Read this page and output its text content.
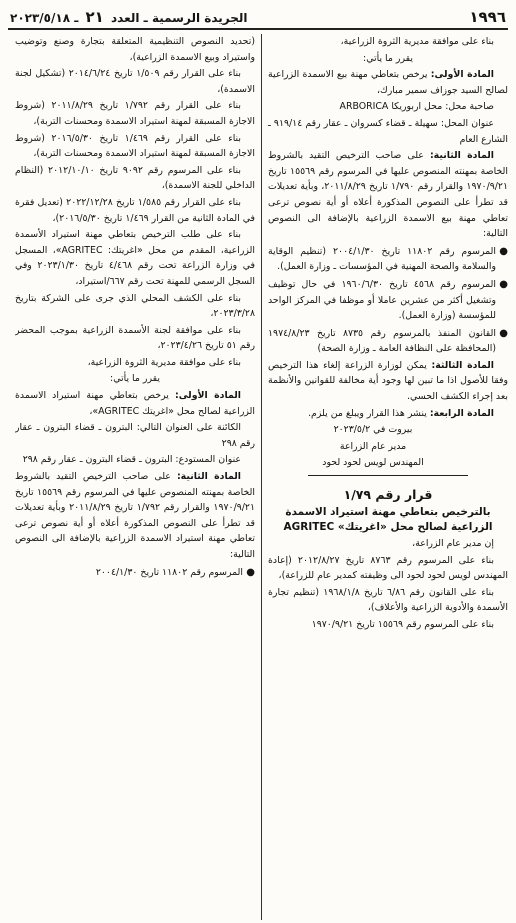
١٩٩٦
الجريدة الرسمية ـ العدد ٢١ ـ ٢٠٢٣/٥/١٨

بناء على موافقة مديرية الثروة الزراعية،

يقرر ما يأتي:

المادة الأولى: يرخص بتعاطي مهنة بيع الاسمدة الزراعية لصالح السيد جوزاف سمير مبارك،

صاحبة محل: محل اربوريكا ARBORICA

عنوان المحل: سهيلة ـ قضاء كسروان ـ عقار رقم ٩١٩/١٤ ـ الشارع العام

المادة الثانية: على صاحب الترخيص التقيد بالشروط الخاصة بمهنته المنصوص عليها في المرسوم رقم ١٥٥٦٩ تاريخ ١٩٧٠/٩/٢١ والقرار رقم ١/٧٩٠ تاريخ ٢٠١١/٨/٢٩، وبأية تعديلات قد تطرأ على النصوص المذكورة أعلاه أو أية نصوص ترعى تعاطي مهنة بيع الاسمدة الزراعية بالإضافة الى النصوص التالية:

●المرسوم رقم ١١٨٠٢ تاريخ ٢٠٠٤/١/٣٠ (تنظيم الوقاية والسلامة والصحة المهنية في المؤسسات ـ وزارة العمل).

●المرسوم رقم ٤٥٦٨ تاريخ ١٩٦٠/٦/٣٠ في حال توظيف وتشغيل أكثر من عشرين عاملا أو موظفا في المركز الواحد للمؤسسة (وزارة العمل).

●القانون المنفذ بالمرسوم رقم ٨٧٣٥ تاريخ ١٩٧٤/٨/٢٣ (المحافظة على النظافة العامة ـ وزارة الصحة)

المادة الثالثة: يمكن لوزارة الزراعة إلغاء هذا الترخيص وفقا للأصول اذا ما تبين لها وجود أية مخالفة للقوانين والأنظمة بعد إجراء الكشف الحسي.

المادة الرابعة: ينشر هذا القرار ويبلغ من يلزم.

بيروت في ٢٠٢٣/٥/٢

مدير عام الزراعة

المهندس لويس لحود لحود

قرار رقم ١/٧٩

بالترخيص بتعاطي مهنة استيراد الاسمدة الزراعية لصالح محل «اغريتك» AGRITEC

إن مدير عام الزراعة،

بناء على المرسوم رقم ٨٧٦٣ تاريخ ٢٠١٢/٨/٢٧ (إعادة المهندس لويس لحود لحود الى وظيفته كمدير عام للزراعة)،

بناء على القانون رقم ٦/٨٦ تاريخ ١٩٦٨/١/٨ (تنظيم تجارة الأسمدة والأدوية الزراعية والأعلاف)،

بناء على المرسوم رقم ١٥٥٦٩ تاريخ ١٩٧٠/٩/٢١

(تحديد النصوص التنظيمية المتعلقة بتجارة وصنع وتوضيب واستيراد وبيع الاسمدة الزراعية)،

بناء على القرار رقم ١/٥٠٩ تاريخ ٢٠١٤/٦/٢٤ (تشكيل لجنة الاسمدة)،

بناء على القرار رقم ١/٧٩٢ تاريخ ٢٠١١/٨/٢٩ (شروط الاجازة المسبقة لمهنة استيراد الاسمدة ومحسنات التربة)،

بناء على القرار رقم ١/٤٦٩ تاريخ ٢٠١٦/٥/٣٠ (شروط الاجازة المسبقة لمهنة استيراد الاسمدة ومحسنات التربة)،

بناء على المرسوم رقم ٩٠٩٢ تاريخ ٢٠١٢/١٠/١٠ (النظام الداخلي للجنة الاسمدة)،

بناء على القرار رقم ١/٥٨٥ تاريخ ٢٠٢٢/١٢/٢٨ (تعديل فقرة في المادة الثانية من القرار ١/٤٦٩ تاريخ ٢٠١٦/٥/٣٠)،

بناء على طلب الترخيص بتعاطي مهنة استيراد الأسمدة الزراعية، المقدم من محل «اغريتك: AGRITEC»، المسجل في وزارة الزراعة تحت رقم ٤/٤٦٨ تاريخ ٢٠٢٣/١/٣٠ وفي السجل الرسمي للمهنة تحت رقم ٦٦٧/استيراد،

بناء على الكشف المحلي الذي جرى على الشركة بتاريخ ٢٠٢٣/٣/٢٨،

بناء على موافقة لجنة الأسمدة الزراعية بموجب المحضر رقم ٥١ تاريخ ٢٠٢٣/٤/٢٦،

بناء على موافقة مديرية الثروة الزراعية،

يقرر ما يأتي:

المادة الأولى: يرخص بتعاطي مهنة استيراد الاسمدة الزراعية لصالح محل «اغريتك AGRITEC»،

الكائنة على العنوان التالي: البترون ـ قضاء البترون ـ عقار رقم ٢٩٨

عنوان المستودع: البترون ـ قضاء البترون ـ عقار رقم ٢٩٨

المادة الثانية: على صاحب الترخيص التقيد بالشروط الخاصة بمهنته المنصوص عليها في المرسوم رقم ١٥٥٦٩ تاريخ ١٩٧٠/٩/٢١ والقرار رقم ١/٧٩٢ تاريخ ٢٠١١/٨/٢٩ وبأية تعديلات قد تطرأ على النصوص المذكورة أعلاه أو أية نصوص ترعى تعاطي مهنة استيراد الاسمدة الزراعية بالإضافة الى النصوص التالية:

●المرسوم رقم ١١٨٠٢ تاريخ ٢٠٠٤/١/٣٠
